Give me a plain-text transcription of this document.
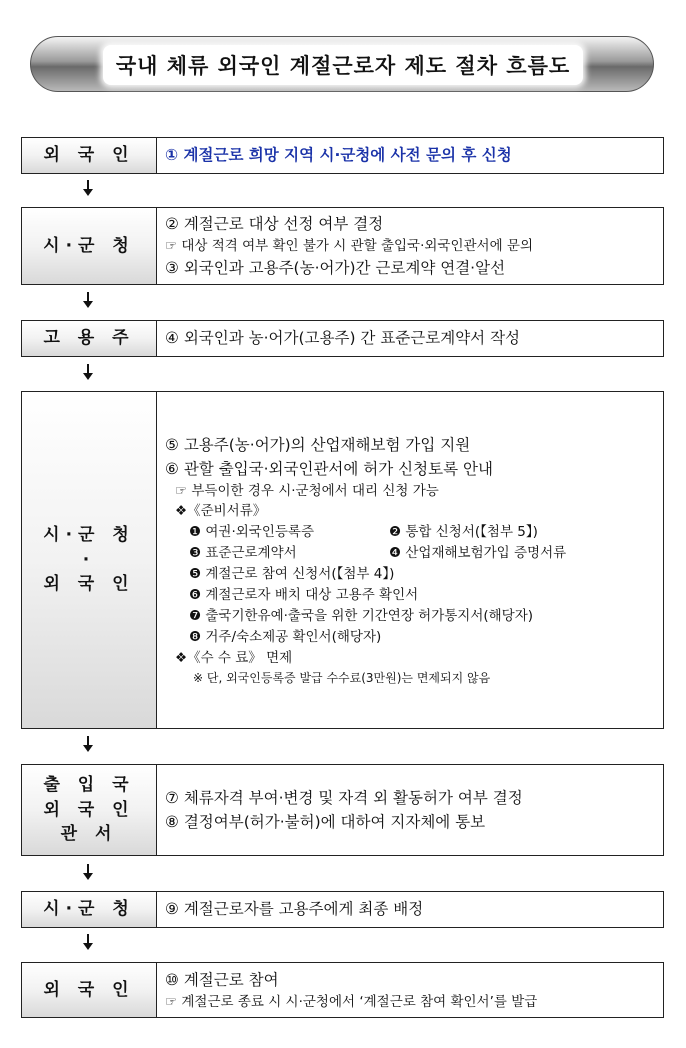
국내 체류 외국인 계절근로자 제도 절차 흐름도
외 국 인 ① 계절근로 희망 지역 시·군청에 사전 문의 후 신청
시·군 청
② 계절근로 대상 선정 여부 결정
☞ 대상 적격 여부 확인 불가 시 관할 출입국·외국인관서에 문의
③ 외국인과 고용주(농·어가)간 근로계약 연결·알선
고 용 주 ④ 외국인과 농·어가(고용주) 간 표준근로계약서 작성
시·군 청
·
외 국 인
⑤ 고용주(농·어가)의 산업재해보험 가입 지원
⑥ 관할 출입국·외국인관서에 허가 신청토록 안내
☞ 부득이한 경우 시·군청에서 대리 신청 가능
❖《준비서류》
❶ 여권·외국인등록증	❷ 통합 신청서(【첨부 5】)
❸ 표준근로계약서	❹ 산업재해보험가입 증명서류
❺ 계절근로 참여 신청서(【첨부 4】)
❻ 계절근로자 배치 대상 고용주 확인서
❼ 출국기한유예·출국을 위한 기간연장 허가통지서(해당자)
❽ 거주/숙소제공 확인서(해당자)
❖《수 수 료》 면제
※ 단, 외국인등록증 발급 수수료(3만원)는 면제되지 않음
출 입 국
외 국 인
관 서
⑦ 체류자격 부여·변경 및 자격 외 활동허가 여부 결정
⑧ 결정여부(허가·불허)에 대하여 지자체에 통보
시·군 청 ⑨ 계절근로자를 고용주에게 최종 배정
외 국 인
⑩ 계절근로 참여
☞ 계절근로 종료 시 시·군청에서 ‘계절근로 참여 확인서’를 발급
